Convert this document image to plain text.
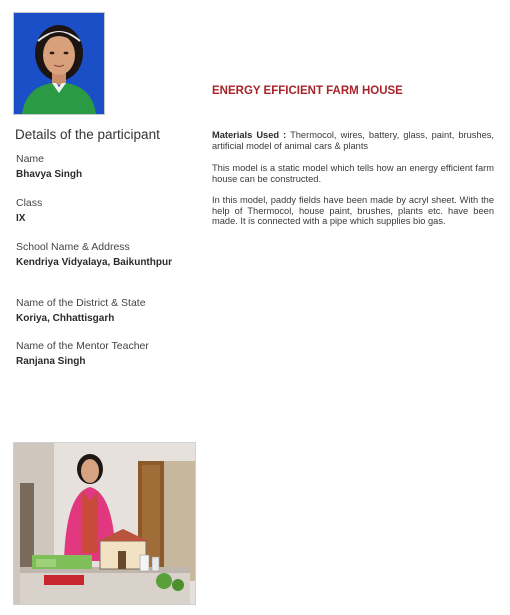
Details of the participant
Name
Bhavya Singh
Class
IX
School Name & Address
Kendriya Vidyalaya, Baikunthpur
Name of the District & State
Koriya, Chhattisgarh
Name of the Mentor Teacher
Ranjana Singh
ENERGY EFFICIENT FARM HOUSE

Materials Used : Thermocol, wires, battery, glass, paint, brushes, artificial model of animal cars & plants

This model is a static model which tells how an energy efficient farm house can be constructed.

In this model, paddy fields have been made by acryl sheet. With the help of Thermocol, house paint, brushes, plants etc. have been made. It is connected with a pipe which supplies bio gas.
